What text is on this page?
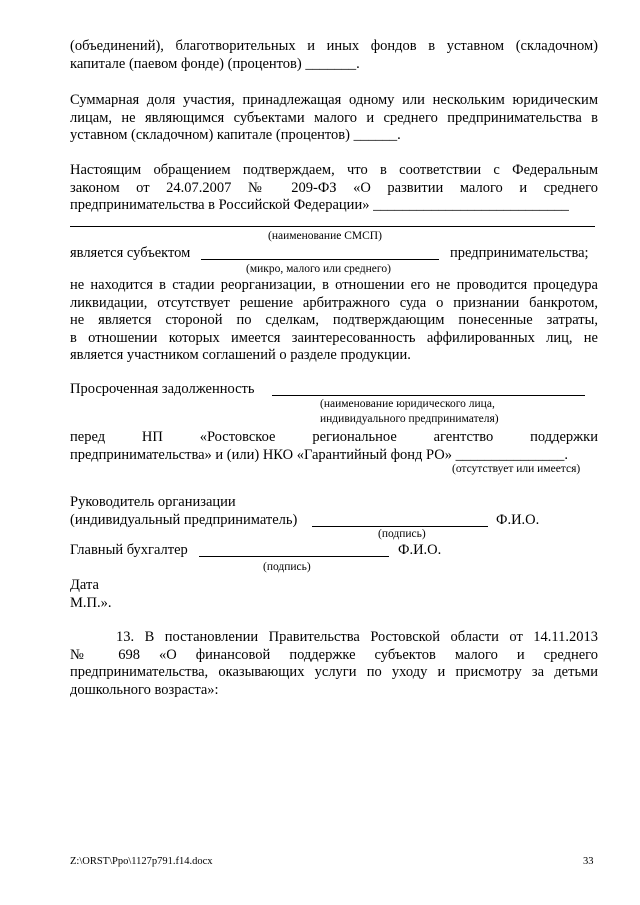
(объединений), благотворительных и иных фондов в уставном (складочном)
капитале (паевом фонде) (процентов) _______.
Суммарная доля участия, принадлежащая одному или нескольким юридическим
лицам, не являющимся субъектами малого и среднего предпринимательства в
уставном (складочном) капитале (процентов) ______.
Настоящим обращением подтверждаем, что в соответствии с Федеральным
законом от 24.07.2007 № 209-ФЗ «О развитии малого и среднего
предпринимательства в Российской Федерации» ___________________________
(наименование СМСП)
является субъектом	предпринимательства;
(микро, малого или среднего)
не находится в стадии реорганизации, в отношении его не проводится процедура
ликвидации, отсутствует решение арбитражного суда о признании банкротом,
не является стороной по сделкам, подтверждающим понесенные затраты,
в отношении которых имеется заинтересованность аффилированных лиц, не
является участником соглашений о разделе продукции.
Просроченная задолженность
(наименование юридического лица,
индивидуального предпринимателя)
перед НП «Ростовское региональное агентство поддержки
предпринимательства» и (или) НКО «Гарантийный фонд РО» _______________.
(отсутствует или имеется)
Руководитель организации
(индивидуальный предприниматель)	Ф.И.О.
(подпись)
Главный бухгалтер	Ф.И.О.
(подпись)
Дата
М.П.».
13. В постановлении Правительства Ростовской области от 14.11.2013
№ 698 «О финансовой поддержке субъектов малого и среднего
предпринимательства, оказывающих услуги по уходу и присмотру за детьми
дошкольного возраста»:
Z:\ORST\Ppo\1127p791.f14.docx	33
